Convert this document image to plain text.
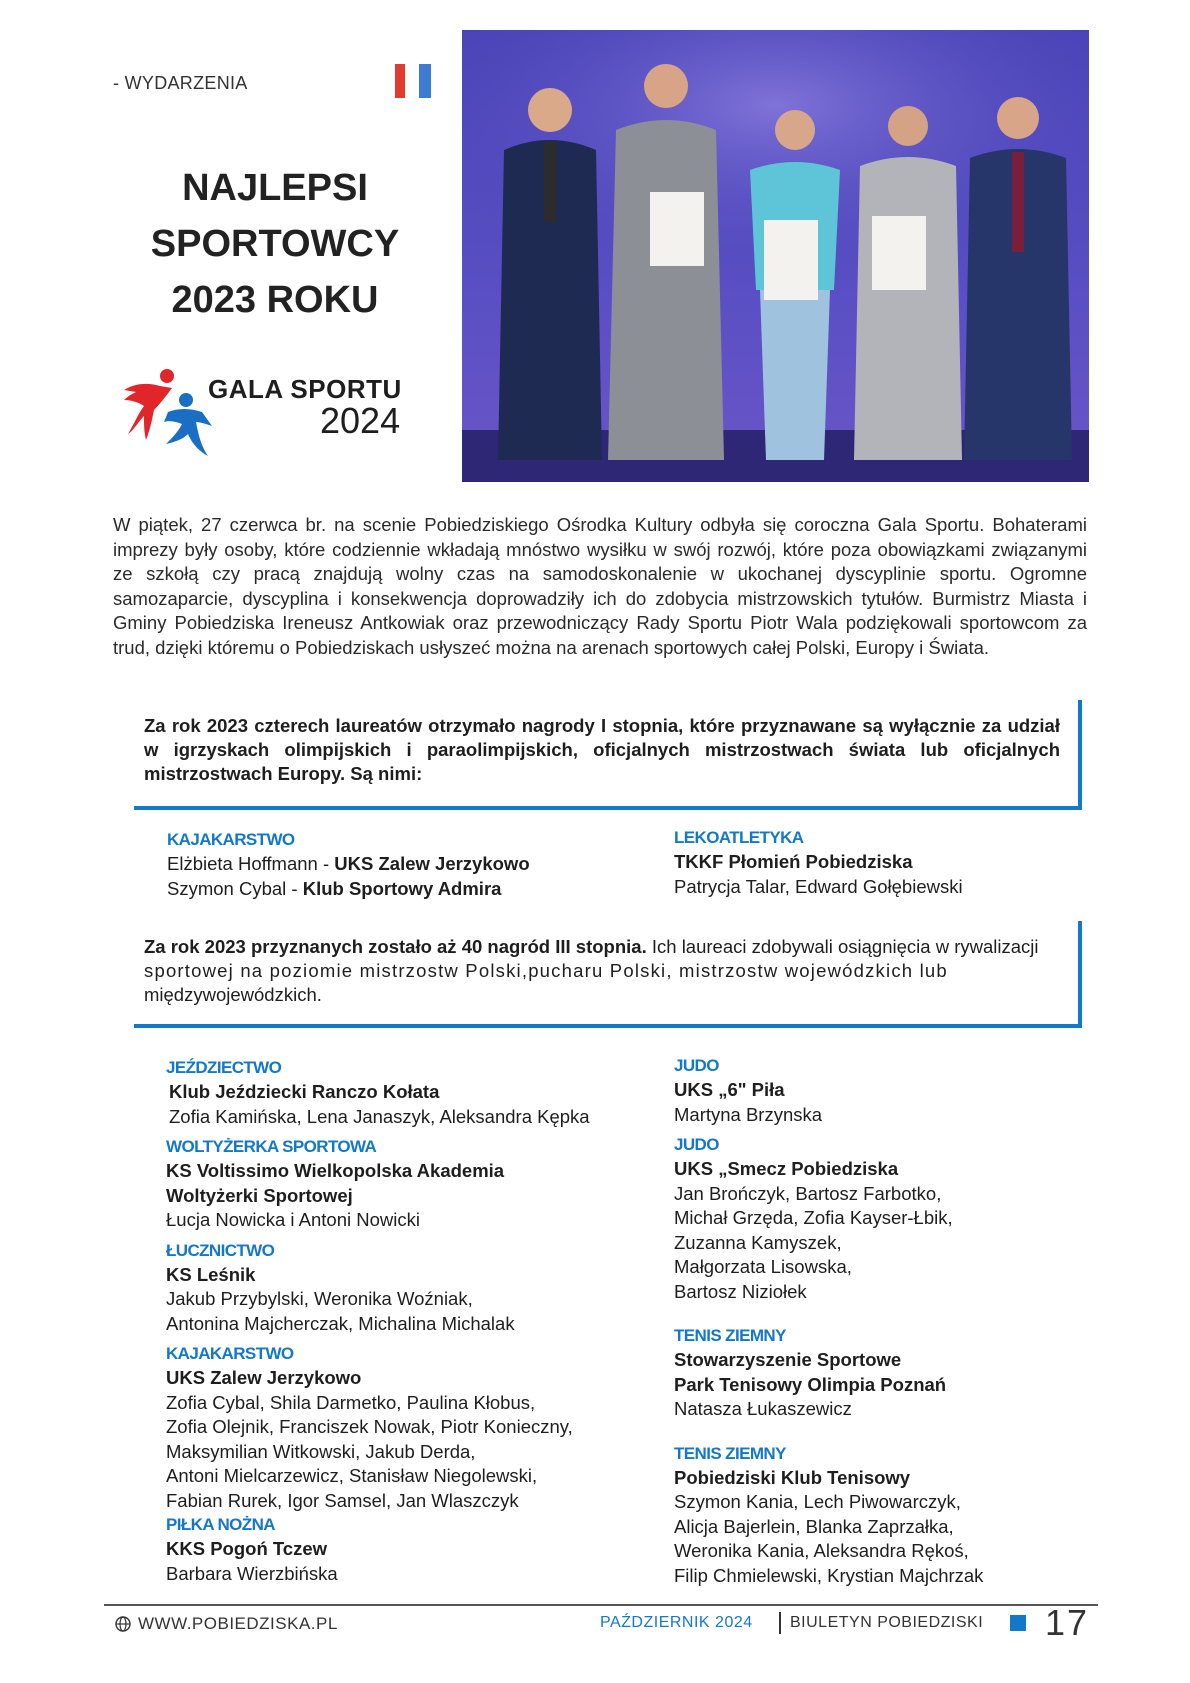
- WYDARZENIA
NAJLEPSI
SPORTOWCY
2023 ROKU
GALA SPORTU
2024
W piątek, 27 czerwca br. na scenie Pobiedziskiego Ośrodka Kultury odbyła się coroczna Gala Sportu. Bohaterami imprezy były osoby, które codziennie wkładają mnóstwo wysiłku w swój rozwój, które poza obowiązkami związanymi ze szkołą czy pracą znajdują wolny czas na samodoskonalenie w ukochanej dyscyplinie sportu. Ogromne samozaparcie, dyscyplina i konsekwencja doprowadziły ich do zdobycia mistrzowskich tytułów. Burmistrz Miasta i Gminy Pobiedziska Ireneusz Antkowiak oraz przewodniczący Rady Sportu Piotr Wala podziękowali sportowcom za trud, dzięki któremu o Pobiedziskach usłyszeć można na arenach sportowych całej Polski, Europy i Świata.
Za rok 2023 czterech laureatów otrzymało nagrody I stopnia, które przyznawane są wyłącznie za udział w igrzyskach olimpijskich i paraolimpijskich, oficjalnych mistrzostwach świata lub oficjalnych mistrzostwach Europy. Są nimi:
KAJAKARSTWO
Elżbieta Hoffmann - UKS Zalew Jerzykowo
Szymon Cybal - Klub Sportowy Admira
LEKOATLETYKA
TKKF Płomień Pobiedziska
Patrycja Talar, Edward Gołębiewski
Za rok 2023 przyznanych zostało aż 40 nagród III stopnia. Ich laureaci zdobywali osiągnięcia w rywalizacji
sportowej na poziomie mistrzostw Polski,pucharu Polski, mistrzostw wojewódzkich lub
międzywojewódzkich.
JEŹDZIECTWO
Klub Jeździecki Ranczo Kołata
Zofia Kamińska, Lena Janaszyk, Aleksandra Kępka
WOLTYŻERKA SPORTOWA
KS Voltissimo Wielkopolska Akademia
Woltyżerki Sportowej
Łucja Nowicka i Antoni Nowicki
ŁUCZNICTWO
KS Leśnik
Jakub Przybylski, Weronika Woźniak,
Antonina Majcherczak, Michalina Michalak
KAJAKARSTWO
UKS Zalew Jerzykowo
Zofia Cybal, Shila Darmetko, Paulina Kłobus,
Zofia Olejnik, Franciszek Nowak, Piotr Konieczny,
Maksymilian Witkowski, Jakub Derda,
Antoni Mielcarzewicz, Stanisław Niegolewski,
Fabian Rurek, Igor Samsel, Jan Wlaszczyk
PIŁKA NOŻNA
KKS Pogoń Tczew
Barbara Wierzbińska
JUDO
UKS „6" Piła
Martyna Brzynska
JUDO
UKS „Smecz Pobiedziska
Jan Brończyk, Bartosz Farbotko,
Michał Grzęda, Zofia Kayser-Łbik,
Zuzanna Kamyszek,
Małgorzata Lisowska,
Bartosz Niziołek
TENIS ZIEMNY
Stowarzyszenie Sportowe
Park Tenisowy Olimpia Poznań
Natasza Łukaszewicz
TENIS ZIEMNY
Pobiedziski Klub Tenisowy
Szymon Kania, Lech Piwowarczyk,
Alicja Bajerlein, Blanka Zaprzałka,
Weronika Kania, Aleksandra Rękoś,
Filip Chmielewski, Krystian Majchrzak
WWW.POBIEDZISKA.PL	PAŹDZIERNIK 2024 BIULETYN POBIEDZISKI 17
